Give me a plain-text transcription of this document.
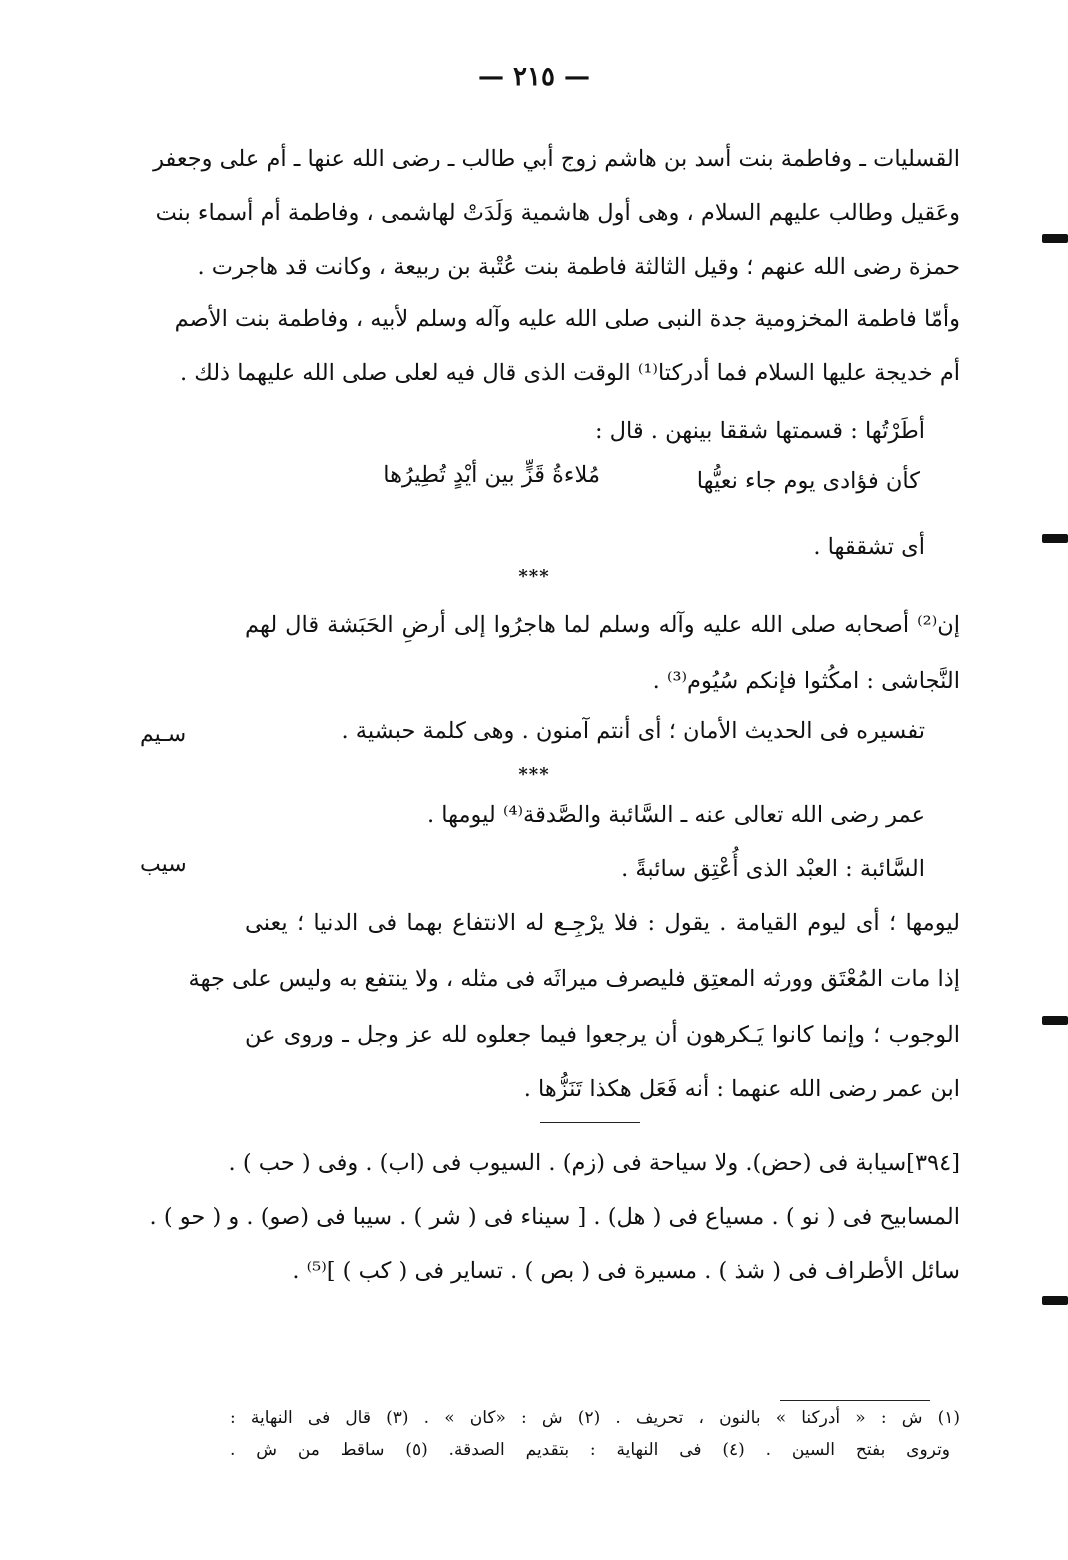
— ٢١٥ —
القسليات ـ وفاطمة بنت أسد بن هاشم زوج أبي طالب ـ رضى الله عنها ـ أم على وجعفر
وعَقيل وطالب عليهم السلام ، وهى أول هاشمية وَلَدَتْ لهاشمى ، وفاطمة أم أسماء بنت
حمزة رضى الله عنهم ؛ وقيل الثالثة فاطمة بنت عُتْبة بن ربيعة ، وكانت قد هاجرت .
وأمّا فاطمة المخزومية جدة النبى صلى الله عليه وآله وسلم لأبيه ، وفاطمة بنت الأصم
أم خديجة عليها السلام فما أدركتا⁽¹⁾ الوقت الذى قال فيه لعلى صلى الله عليهما ذلك .
أطَرْتُها : قسمتها شققا بينهن . قال :
كأن فؤادى يوم جاء نعيُّها
مُلاءةُ قَزٍّ بين أيْدٍ تُطِيرُها
أى تشققها .
***
إن⁽²⁾ أصحابه صلى الله عليه وآله وسلم لما هاجرُوا إلى أرضِ الحَبَشة قال لهم
النَّجاشى : امكُثوا فإنكم سُيُوم⁽³⁾ .
تفسيره فى الحديث الأمان ؛ أى أنتم آمنون . وهى كلمة حبشية .
سـيم
***
عمر رضى الله تعالى عنه ـ السَّائبة والصَّدقة⁽⁴⁾ ليومها .
سيب	السَّائبة : العبْد الذى أُعْتِق سائبةً .
ليومها ؛ أى ليوم القيامة . يقول : فلا يرْجِـع له الانتفاع بهما فى الدنيا ؛ يعنى
إذا مات المُعْتَق وورثه المعتِق فليصرف ميراثَه فى مثله ، ولا ينتفع به وليس على جهة
الوجوب ؛ وإنما كانوا يَـكرهون أن يرجعوا فيما جعلوه لله عز وجل ـ وروى عن
ابن عمر رضى الله عنهما : أنه فَعَل هكذا تَنَزُّها .
[٣٩٤]سيابة فى (حض). ولا سياحة فى (زم) . السيوب فى (اب) . وفى ( حب ) .
المسابيح فى ( نو ) . مسياع فى ( هل) . [ سيناء فى ( شر ) . سيبا فى (صو) . و ( حو ) .
سائل الأطراف فى ( شذ ) . مسيرة فى ( بص ) . تساير فى ( كب ) ]⁽⁵⁾ .
(١) ش : « أدركنا » بالنون ، تحريف . (٢) ش : «كان » . (٣) قال فى النهاية :
وتروى بفتح السين . (٤) فى النهاية : بتقديم الصدقة. (٥) ساقط من ش .
